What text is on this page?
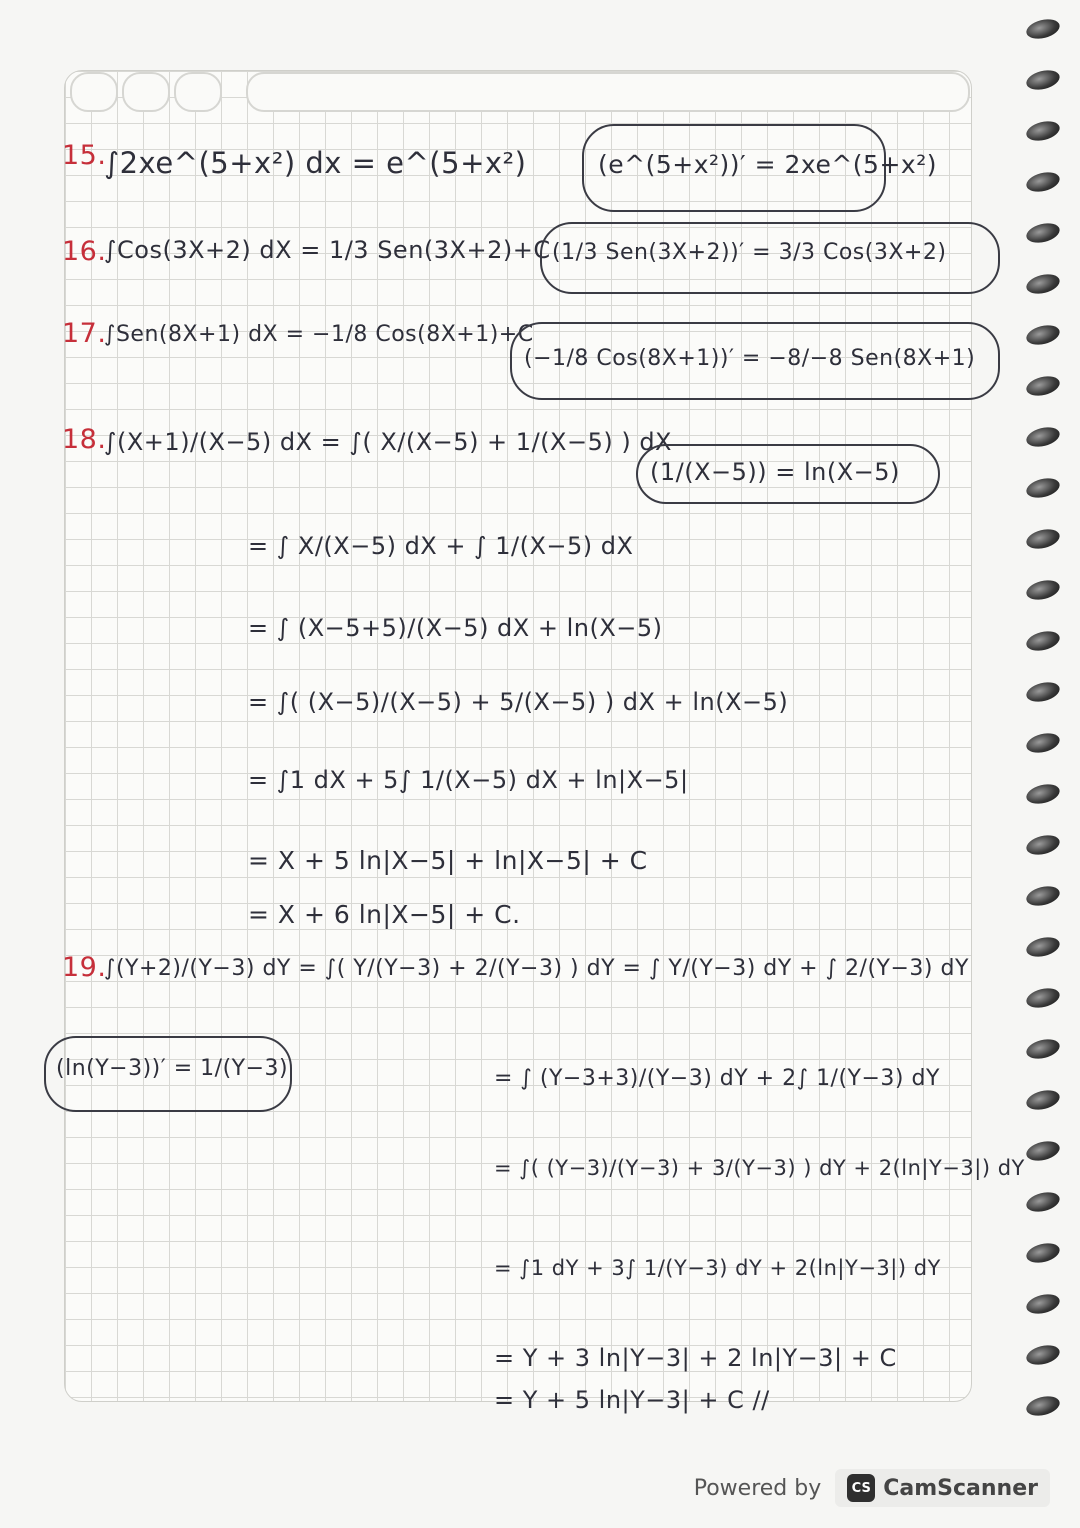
15.
∫2xe^(5+x²) dx = e^(5+x²)	(e^(5+x²))′ = 2xe^(5+x²)
16.
∫Cos(3X+2) dX = 1/3 Sen(3X+2)+C (1/3 Sen(3X+2))′ = 3/3 Cos(3X+2)
17.
∫Sen(8X+1) dX = −1/8 Cos(8X+1)+C
(−1/8 Cos(8X+1))′ = −8/−8 Sen(8X+1)
18.
∫(X+1)/(X−5) dX = ∫( X/(X−5) + 1/(X−5) ) dX
(1/(X−5)) = ln(X−5)
= ∫ X/(X−5) dX + ∫ 1/(X−5) dX
= ∫ (X−5+5)/(X−5) dX + ln(X−5)
= ∫( (X−5)/(X−5) + 5/(X−5) ) dX + ln(X−5)
= ∫1 dX + 5∫ 1/(X−5) dX + ln|X−5|
= X + 5 ln|X−5| + ln|X−5| + C
= X + 6 ln|X−5| + C.
19.
∫(Y+2)/(Y−3) dY = ∫( Y/(Y−3) + 2/(Y−3) ) dY = ∫ Y/(Y−3) dY + ∫ 2/(Y−3) dY
(ln(Y−3))′ = 1/(Y−3)	= ∫ (Y−3+3)/(Y−3) dY + 2∫ 1/(Y−3) dY
= ∫( (Y−3)/(Y−3) + 3/(Y−3) ) dY + 2(ln|Y−3|) dY
= ∫1 dY + 3∫ 1/(Y−3) dY + 2(ln|Y−3|) dY
= Y + 3 ln|Y−3| + 2 ln|Y−3| + C
= Y + 5 ln|Y−3| + C //
Powered by	CS CamScanner
